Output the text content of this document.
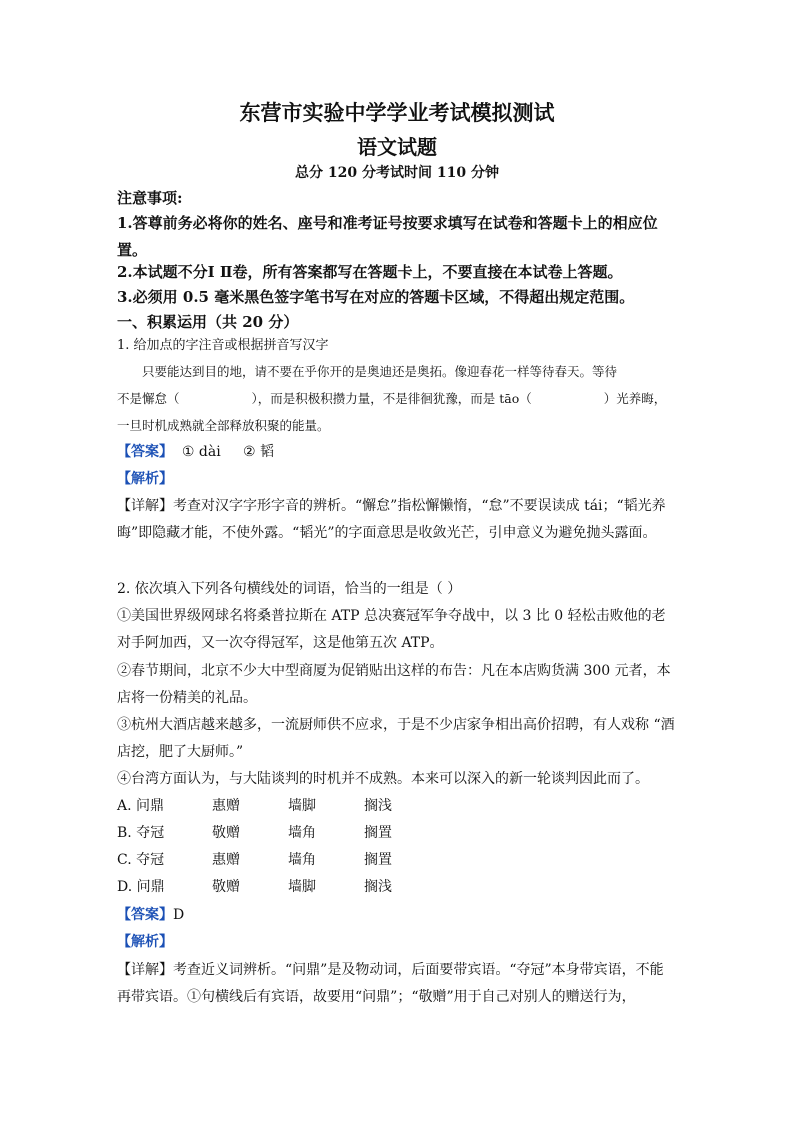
东营市实验中学学业考试模拟测试
语文试题
总分 120 分考试时间 110 分钟
注意事项:
1.答尊前务必将你的姓名、座号和准考证号按要求填写在试卷和答题卡上的相应位置。
2.本试题不分Ⅰ Ⅱ卷，所有答案都写在答题卡上，不要直接在本试卷上答题。
3.必须用 0.5 毫米黑色签字笔书写在对应的答题卡区域，不得超出规定范围。
一、积累运用（共 20 分）
1. 给加点的字注音或根据拼音写汉字
只要能达到目的地，请不要在乎你开的是奥迪还是奥拓。像迎春花一样等待春天。等待
不是懈怠（	），而是积极积攒力量，不是徘徊犹豫，而是 tāo（	）光养晦，
一旦时机成熟就全部释放积聚的能量。
【答案】  ① dài     ② 韬
【解析】
【详解】考查对汉字字形字音的辨析。“懈怠”指松懈懒惰，“怠”不要误读成 tái；“韬光养晦”即隐藏才能，不使外露。“韬光”的字面意思是收敛光芒，引申意义为避免抛头露面。
2. 依次填入下列各句横线处的词语，恰当的一组是（ ）
①美国世界级网球名将桑普拉斯在 ATP 总决赛冠军争夺战中，以 3 比 0 轻松击败他的老对手阿加西，又一次夺得冠军，这是他第五次 ATP。
②春节期间，北京不少大中型商厦为促销贴出这样的布告：凡在本店购货满 300 元者，本店将一份精美的礼品。
③杭州大酒店越来越多，一流厨师供不应求，于是不少店家争相出高价招聘，有人戏称 “酒店挖，肥了大厨师。”
④台湾方面认为，与大陆谈判的时机并不成熟。本来可以深入的新一轮谈判因此而了。
A. 问鼎	惠赠	墙脚	搁浅
B. 夺冠	敬赠	墙角	搁置
C. 夺冠	惠赠	墙角	搁置
D. 问鼎	敬赠	墙脚	搁浅
【答案】D
【解析】
【详解】考查近义词辨析。“问鼎”是及物动词，后面要带宾语。“夺冠”本身带宾语，不能再带宾语。①句横线后有宾语，故要用“问鼎”；“敬赠”用于自己对别人的赠送行为，
